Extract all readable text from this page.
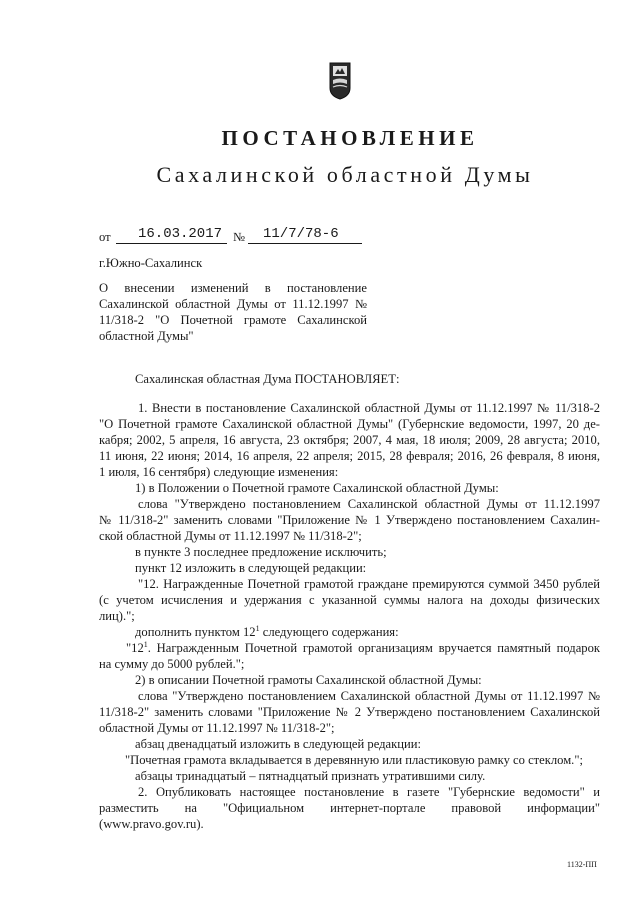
ПОСТАНОВЛЕНИЕ
Сахалинской областной Думы
от 16.03.2017 № 11/7/78-6
г.Южно-Сахалинск
О внесении изменений в постановление
Сахалинской областной Думы от 11.12.1997 №
11/318-2 "О Почетной грамоте Сахалинской
областной Думы"
Сахалинская областная Дума ПОСТАНОВЛЯЕТ:
1. Внести в постановление Сахалинской областной Думы от 11.12.1997 № 11/318-2
"О Почетной грамоте Сахалинской областной Думы" (Губернские ведомости, 1997, 20 де-
кабря; 2002, 5 апреля, 16 августа, 23 октября; 2007, 4 мая, 18 июля; 2009, 28 августа; 2010,
11 июня, 22 июня; 2014, 16 апреля, 22 апреля; 2015, 28 февраля; 2016, 26 февраля, 8 июня,
1 июля, 16 сентября) следующие изменения:
1) в Положении о Почетной грамоте Сахалинской областной Думы:
слова "Утверждено постановлением Сахалинской областной Думы от 11.12.1997
№ 11/318-2" заменить словами "Приложение № 1 Утверждено постановлением Сахалин-
ской областной Думы от 11.12.1997 № 11/318-2";
в пункте 3 последнее предложение исключить;
пункт 12 изложить в следующей редакции:
"12. Награжденные Почетной грамотой граждане премируются суммой 3450 рублей
(с учетом исчисления и удержания с указанной суммы налога на доходы физических
лиц).";
дополнить пунктом $12^1$ следующего содержания:
"$12^1$. Награжденным Почетной грамотой организациям вручается памятный подарок
на сумму до 5000 рублей.";
2) в описании Почетной грамоты Сахалинской областной Думы:
слова "Утверждено постановлением Сахалинской областной Думы от 11.12.1997 №
11/318-2" заменить словами "Приложение № 2 Утверждено постановлением Сахалинской
областной Думы от 11.12.1997 № 11/318-2";
абзац двенадцатый изложить в следующей редакции:
"Почетная грамота вкладывается в деревянную или пластиковую рамку со стеклом.";
абзацы тринадцатый – пятнадцатый признать утратившими силу.
2. Опубликовать настоящее постановление в газете "Губернские ведомости" и
разместить на "Официальном интернет-портале правовой информации"
(www.pravo.gov.ru).
1132-ПП
